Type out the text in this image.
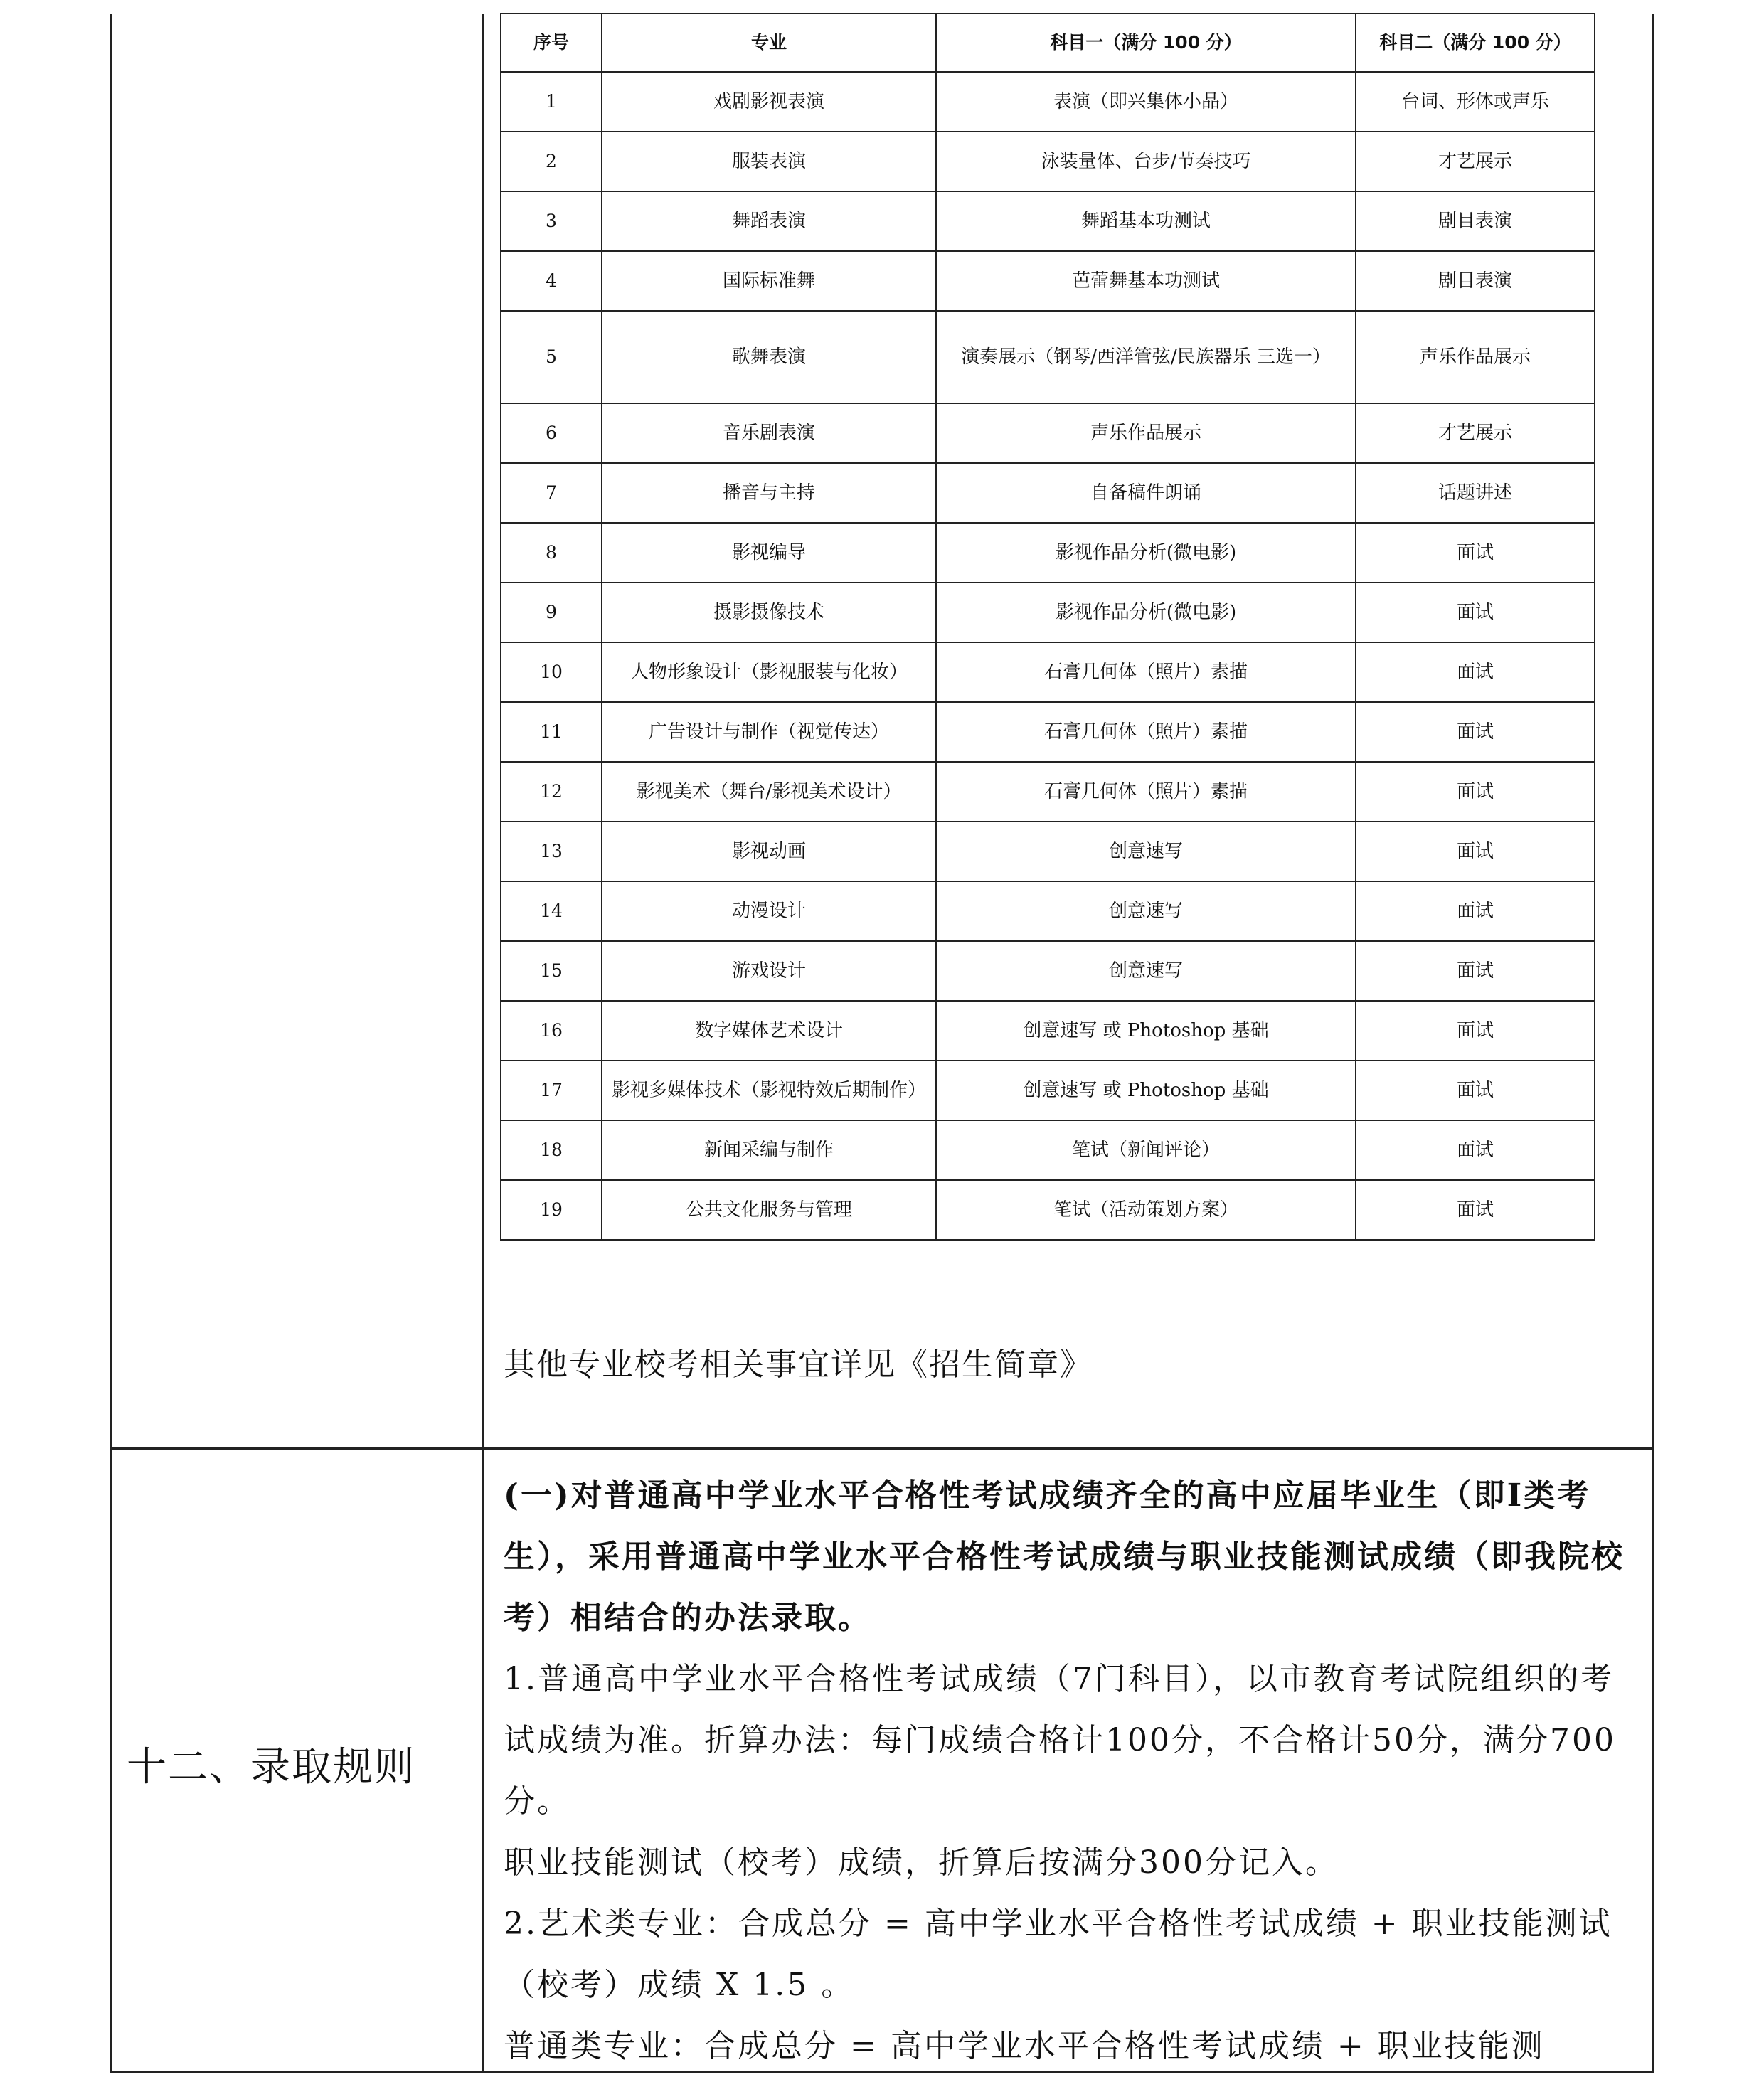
序号	专业	科目一（满分 100 分）	科目二（满分 100 分）
1	戏剧影视表演	表演（即兴集体小品）	台词、形体或声乐
2	服装表演	泳装量体、台步/节奏技巧	才艺展示
3	舞蹈表演	舞蹈基本功测试	剧目表演
4	国际标准舞	芭蕾舞基本功测试	剧目表演
5	歌舞表演	演奏展示（钢琴/西洋管弦/民族器乐 三选一）	声乐作品展示
6	音乐剧表演	声乐作品展示	才艺展示
7	播音与主持	自备稿件朗诵	话题讲述
8	影视编导	影视作品分析(微电影)	面试
9	摄影摄像技术	影视作品分析(微电影)	面试
10	人物形象设计（影视服装与化妆）	石膏几何体（照片）素描	面试
11	广告设计与制作（视觉传达）	石膏几何体（照片）素描	面试
12	影视美术（舞台/影视美术设计）	石膏几何体（照片）素描	面试
13	影视动画	创意速写	面试
14	动漫设计	创意速写	面试
15	游戏设计	创意速写	面试
16	数字媒体艺术设计	创意速写 或 Photoshop 基础	面试
17	影视多媒体技术（影视特效后期制作）	创意速写 或 Photoshop 基础	面试
18	新闻采编与制作	笔试（新闻评论）	面试
19	公共文化服务与管理	笔试（活动策划方案）	面试
其他专业校考相关事宜详见《招生简章》
十二、录取规则

(一)对普通高中学业水平合格性考试成绩齐全的高中应届毕业生（即Ⅰ类考生），采用普通高中学业水平合格性考试成绩与职业技能测试成绩（即我院校考）相结合的办法录取。

1.普通高中学业水平合格性考试成绩（7门科目），以市教育考试院组织的考试成绩为准。折算办法：每门成绩合格计100分，不合格计50分，满分700分。

职业技能测试（校考）成绩，折算后按满分300分记入。

2.艺术类专业：合成总分 = 高中学业水平合格性考试成绩 + 职业技能测试（校考）成绩 X 1.5 。

普通类专业：合成总分 = 高中学业水平合格性考试成绩 + 职业技能测
